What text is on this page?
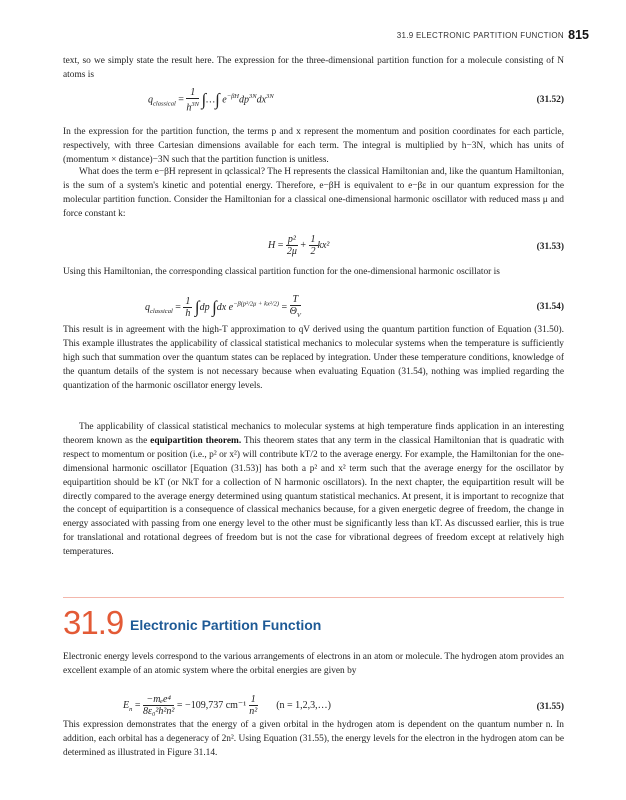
31.9 ELECTRONIC PARTITION FUNCTION 815

text, so we simply state the result here. The expression for the three-dimensional partition function for a molecule consisting of N atoms is

$q_{classical} = \frac{1}{h^{3N}}$ ∫…∫ $e^{-\beta H}dp^{3N}dx^{3N}$	(31.52)

In the expression for the partition function, the terms p and x represent the momentum and position coordinates for each particle, respectively, with three Cartesian dimensions available for each term. The integral is multiplied by h−3N, which has units of (momentum × distance)−3N such that the partition function is unitless.

What does the term e−βH represent in qclassical? The H represents the classical Hamiltonian and, like the quantum Hamiltonian, is the sum of a system's kinetic and potential energy. Therefore, e−βH is equivalent to e−βε in our quantum expression for the molecular partition function. Consider the Hamiltonian for a classical one-dimensional harmonic oscillator with reduced mass μ and force constant k:

$H = \frac{\text{p²}}{2\mu} + \frac{1}{2} kx^2$	(31.53)

Using this Hamiltonian, the corresponding classical partition function for the one-dimensional harmonic oscillator is

$q_{classical} = \frac{1}{h} \int dp$ ∫dx $e^{-\beta(p^2/2\mu + kx^2/2)} = \frac{T}{\Theta_V}$	(31.54)

This result is in agreement with the high-T approximation to qV derived using the quantum partition function of Equation (31.50). This example illustrates the applicability of classical statistical mechanics to molecular systems when the temperature is sufficiently high such that summation over the quantum states can be replaced by integration. Under these temperature conditions, knowledge of the quantum details of the system is not necessary because when evaluating Equation (31.54), nothing was implied regarding the quantization of the harmonic oscillator energy levels.

The applicability of classical statistical mechanics to molecular systems at high temperature finds application in an interesting theorem known as the equipartition theorem. This theorem states that any term in the classical Hamiltonian that is quadratic with respect to momentum or position (i.e., p² or x²) will contribute kT/2 to the average energy. For example, the Hamiltonian for the one-dimensional harmonic oscillator [Equation (31.53)] has both a p² and x² term such that the average energy for the oscillator by equipartition should be kT (or NkT for a collection of N harmonic oscillators). In the next chapter, the equipartition result will be directly compared to the average energy determined using quantum statistical mechanics. At present, it is important to recognize that the concept of equipartition is a consequence of classical mechanics because, for a given energetic degree of freedom, the change in energy associated with passing from one energy level to the other must be significantly less than kT. As discussed earlier, this is true for translational and rotational degrees of freedom but is not the case for vibrational degrees of freedom except at relatively high temperatures.

31.9 Electronic Partition Function

Electronic energy levels correspond to the various arrangements of electrons in an atom or molecule. The hydrogen atom provides an excellent example of an atomic system where the orbital energies are given by

$E_n = \frac{\text{−mₑe⁴}}{\text{8ε₀²h²n²}} = -109,737$ $cm^{-1} \frac{1}{\text{n²}} (n$ = 1,2,3,…)	(31.55)

This expression demonstrates that the energy of a given orbital in the hydrogen atom is dependent on the quantum number n. In addition, each orbital has a degeneracy of 2n². Using Equation (31.55), the energy levels for the electron in the hydrogen atom can be determined as illustrated in Figure 31.14.
